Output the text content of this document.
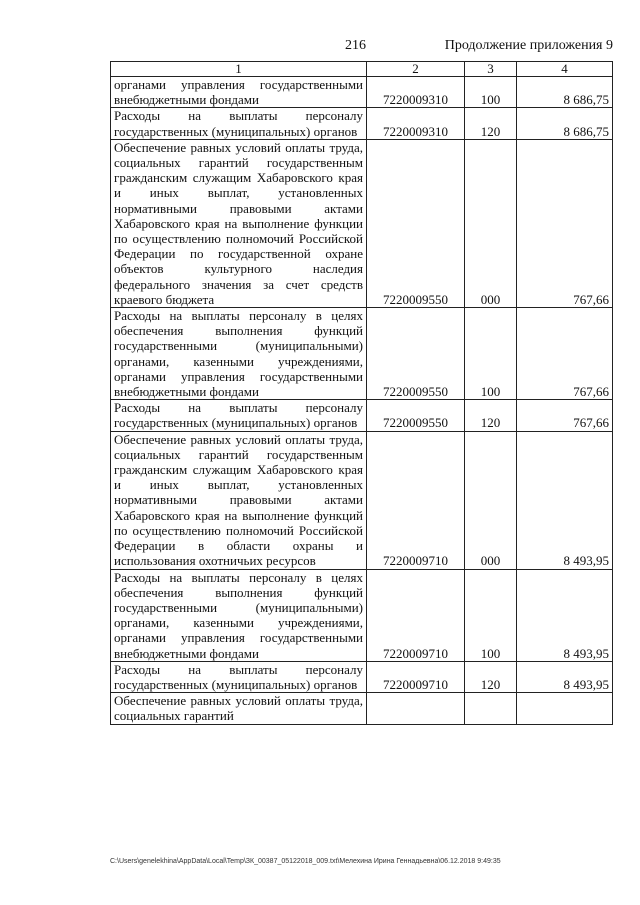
216	Продолжение приложения 9
1	2	3	4
органами управления государственными внебюджетными фондами	7220009310	100	8 686,75
Расходы на выплаты персоналу государственных (муниципальных) органов	7220009310	120	8 686,75
Обеспечение равных условий оплаты труда, социальных гарантий государственным гражданским служащим Хабаровского края и иных выплат, установленных нормативными правовыми актами Хабаровского края на выполнение функции по осуществлению полномочий Российской Федерации по государственной охране объектов культурного наследия федерального значения за счет средств краевого бюджета	7220009550	000	767,66
Расходы на выплаты персоналу в целях обеспечения выполнения функций государственными (муниципальными) органами, казенными учреждениями, органами управления государственными внебюджетными фондами	7220009550	100	767,66
Расходы на выплаты персоналу государственных (муниципальных) органов	7220009550	120	767,66
Обеспечение равных условий оплаты труда, социальных гарантий государственным гражданским служащим Хабаровского края и иных выплат, установленных нормативными правовыми актами Хабаровского края на выполнение функций по осуществлению полномочий Российской Федерации в области охраны и использования охотничьих ресурсов	7220009710	000	8 493,95
Расходы на выплаты персоналу в целях обеспечения выполнения функций государственными (муниципальными) органами, казенными учреждениями, органами управления государственными внебюджетными фондами	7220009710	100	8 493,95
Расходы на выплаты персоналу государственных (муниципальных) органов	7220009710	120	8 493,95
Обеспечение равных условий оплаты труда, социальных гарантий			
C:\Users\genelekhina\AppData\Local\Temp\ЗК_00387_05122018_009.txt\Мелехина Ирина Геннадьевна\06.12.2018 9:49:35
